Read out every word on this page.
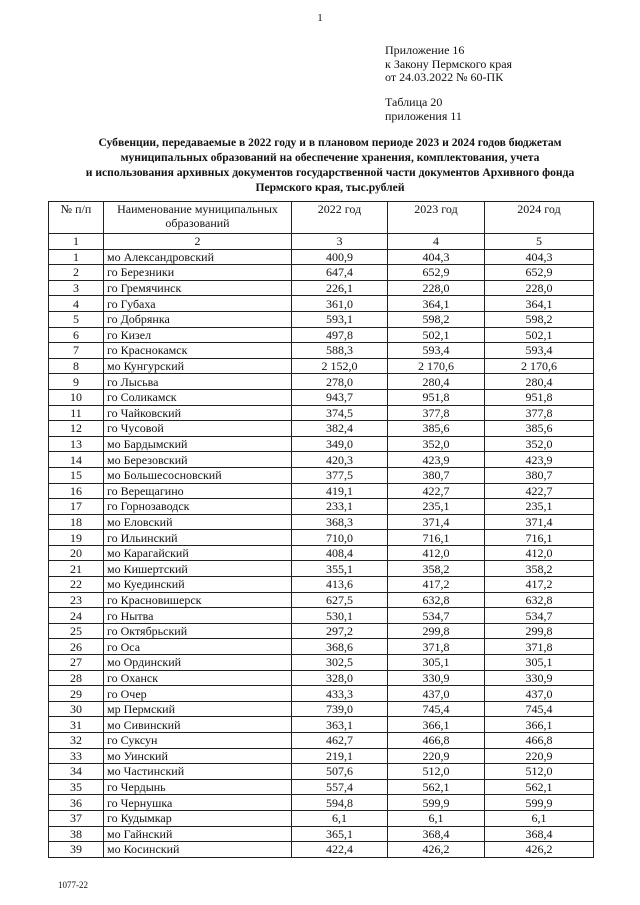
1
Приложение 16
к Закону Пермского края
от 24.03.2022 № 60-ПК
Таблица 20
приложения 11
Субвенции, передаваемые в 2022 году и в плановом периоде 2023 и 2024 годов бюджетам
муниципальных образований на обеспечение хранения, комплектования, учета
и использования архивных документов государственной части документов Архивного фонда
Пермского края, тыс.рублей
№ п/п	Наименование муниципальных образований	2022 год	2023 год	2024 год
1	2	3	4	5
1	мо Александровский	400,9	404,3	404,3
2	го Березники	647,4	652,9	652,9
3	го Гремячинск	226,1	228,0	228,0
4	го Губаха	361,0	364,1	364,1
5	го Добрянка	593,1	598,2	598,2
6	го Кизел	497,8	502,1	502,1
7	го Краснокамск	588,3	593,4	593,4
8	мо Кунгурский	2 152,0	2 170,6	2 170,6
9	го Лысьва	278,0	280,4	280,4
10	го Соликамск	943,7	951,8	951,8
11	го Чайковский	374,5	377,8	377,8
12	го Чусовой	382,4	385,6	385,6
13	мо Бардымский	349,0	352,0	352,0
14	мо Березовский	420,3	423,9	423,9
15	мо Большесосновский	377,5	380,7	380,7
16	го Верещагино	419,1	422,7	422,7
17	го Горнозаводск	233,1	235,1	235,1
18	мо Еловский	368,3	371,4	371,4
19	го Ильинский	710,0	716,1	716,1
20	мо Карагайский	408,4	412,0	412,0
21	мо Кишертский	355,1	358,2	358,2
22	мо Куединский	413,6	417,2	417,2
23	го Красновишерск	627,5	632,8	632,8
24	го Нытва	530,1	534,7	534,7
25	го Октябрьский	297,2	299,8	299,8
26	го Оса	368,6	371,8	371,8
27	мо Ординский	302,5	305,1	305,1
28	го Оханск	328,0	330,9	330,9
29	го Очер	433,3	437,0	437,0
30	мр Пермский	739,0	745,4	745,4
31	мо Сивинский	363,1	366,1	366,1
32	го Суксун	462,7	466,8	466,8
33	мо Уинский	219,1	220,9	220,9
34	мо Частинский	507,6	512,0	512,0
35	го Чердынь	557,4	562,1	562,1
36	го Чернушка	594,8	599,9	599,9
37	го Кудымкар	6,1	6,1	6,1
38	мо Гайнский	365,1	368,4	368,4
39	мо Косинский	422,4	426,2	426,2
1077-22
